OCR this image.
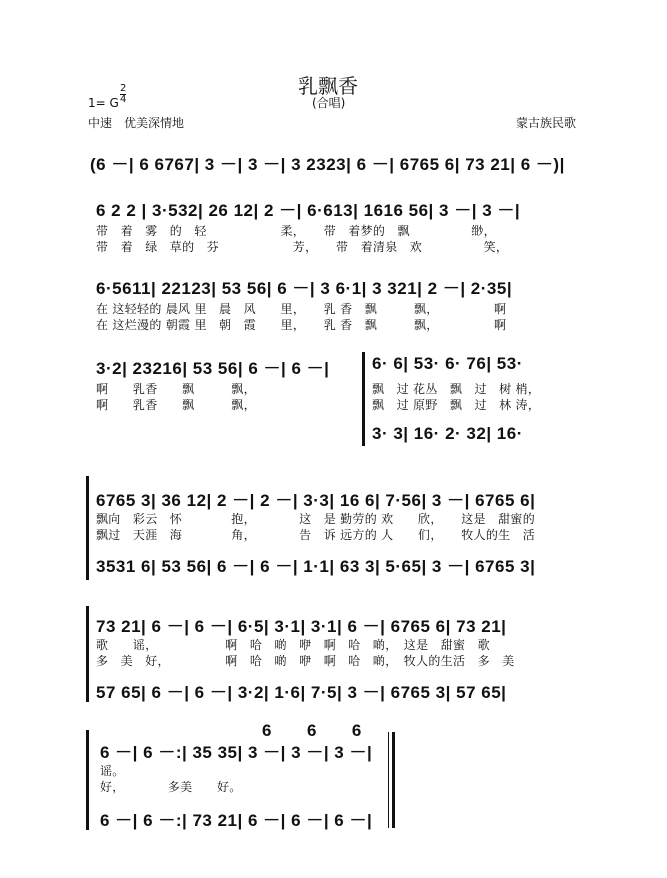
乳飘香
(合唱)
1= G
2
4
中速　优美深情地	蒙古族民歌
(6 －| 6 6767| 3 －| 3 －| 3 2323| 6 －| 6765 6| 73 21| 6 －)|
6 2 2 | 3·532| 26 12| 2 －| 6·613| 1616 56| 3 －| 3 －|
带　着　雾　的　轻　　　　　　柔，　　带　着梦的　飘　　　　　缈，
带　着　绿　草的　芬　　　　　　芳，　　带　着清泉　欢　　　　　笑，
6·5611| 22123| 53 56| 6 －| 3 6·1| 3 321| 2 －| 2·35|
在 这轻轻的 晨风 里　晨　风　　里，　　乳 香　飘　　　飘，　　　　　啊
在 这烂漫的 朝霞 里　朝　霞　　里，　　乳 香　飘　　　飘，　　　　　啊
3·2| 23216| 53 56| 6 －| 6 －|
啊　　乳香　　飘　　　飘，
啊　　乳香　　飘　　　飘，
6· 6| 53· 6· 76| 53·
飘　过 花丛　飘　过　树 梢，
飘　过 原野　飘　过　林 涛，
3· 3| 16· 2· 32| 16·
6765 3| 36 12| 2 －| 2 －| 3·3| 16 6| 7·56| 3 －| 6765 6|
飘向　彩云　怀　　　　抱，　　　　这　是 勤劳的 欢　　欣，　　这是　甜蜜的
飘过　天涯　海　　　　角，　　　　告　诉 远方的 人　　们，　　牧人的生　活
3531 6| 53 56| 6 －| 6 －| 1·1| 63 3| 5·65| 3 －| 6765 3|
73 21| 6 －| 6 －| 6·5| 3·1| 3·1| 6 －| 6765 6| 73 21|
歌　　谣，　　　　　　啊　哈　啲　咿　啊　哈　啲，　这是　甜蜜　歌
多　美　好，　　　　　啊　哈　啲　咿　啊　哈　啲，　牧人的生活　多　美
57 65| 6 －| 6 －| 3·2| 1·6| 7·5| 3 －| 6765 3| 57 65|
6　　6　　6
6 －| 6 －:| 35 35| 3 －| 3 －| 3 －|
谣。
好，　　　　多美　　好。
6 －| 6 －:| 73 21| 6 －| 6 －| 6 －|
